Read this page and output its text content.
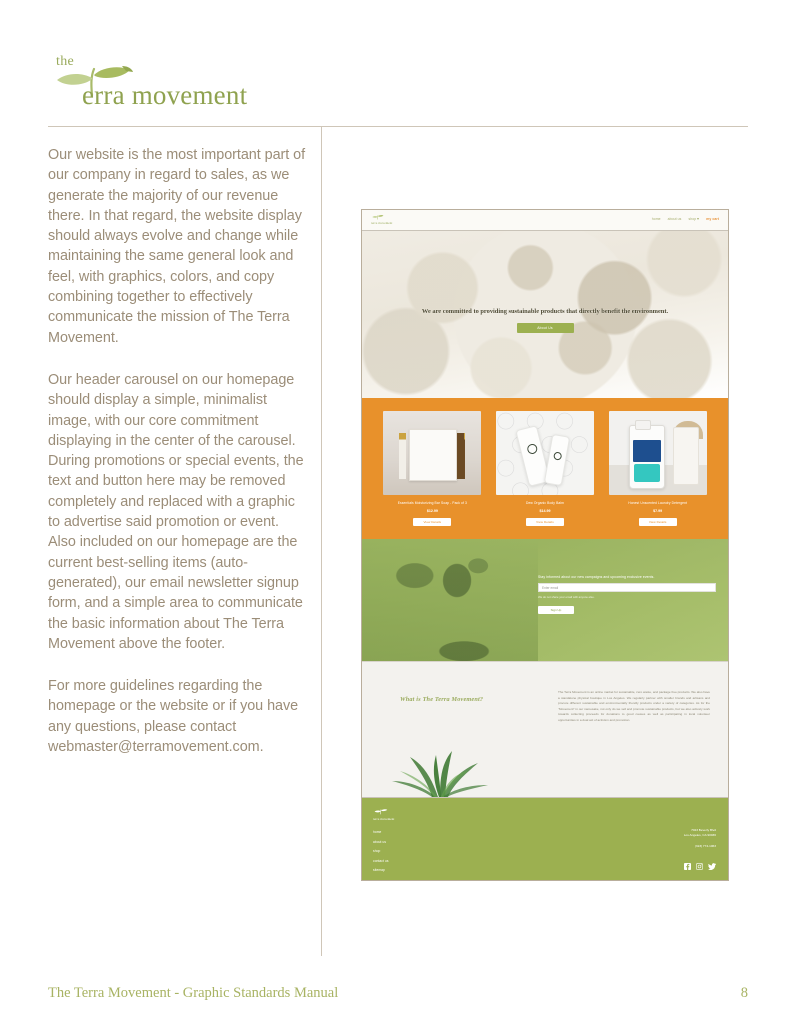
the
erra movement

Our website is the most important part of our company in regard to sales, as we generate the majority of our revenue there. In that regard, the website display should always evolve and change while maintaining the same general look and feel, with graphics, colors, and copy combining together to effectively communicate the mission of The Terra Movement.

Our header carousel on our homepage should display a simple, minimalist image, with our core commitment displaying in the center of the carousel. During promotions or special events, the text and button here may be removed completely and replaced with a graphic to advertise said promotion or event. Also included on our homepage are the current best-selling items (auto-generated), our email newsletter signup form, and a simple area to communicate the basic information about The Terra Movement above the footer.

For more guidelines regarding the homepage or the website or if you have any questions, please contact webmaster@terramovement.com.

terra movement
home about us shop	my cart
We are committed to providing sustainable products that directly benefit the environment.
About Us
Essentials Moisturizing Bar Soap - Pack of 3
$12.99
View Details
Dew Organic Body Balm
$14.99
View Details
Honest Unscented Laundry Detergent
$7.99
View Details
Stay informed about our new campaigns and upcoming exclusive events.
Enter email
We do not share your email with anyone else.
Sign Up
What is The Terra Movement?
The Terra Movement is an online market for sustainable, zero waste, and package free products. We also have a standalone physical boutique in Los Angeles. We regularly partner with smaller brands and artisans and procure different sustainable and environmentally friendly products under a variety of categories. As for the “Movement” in our namesake, not only do we sell and promote sustainable products, but we also actively work towards collecting proceeds for donations to good causes as well as participating in local volunteer opportunities in a dual act of activism and promotion.
terra movement
home
about us
shop
contact us
sitemap
7023 Beverly Blvd
Los Angeles, CA 90036
(323) 774-1063
The Terra Movement - Graphic Standards Manual	8
